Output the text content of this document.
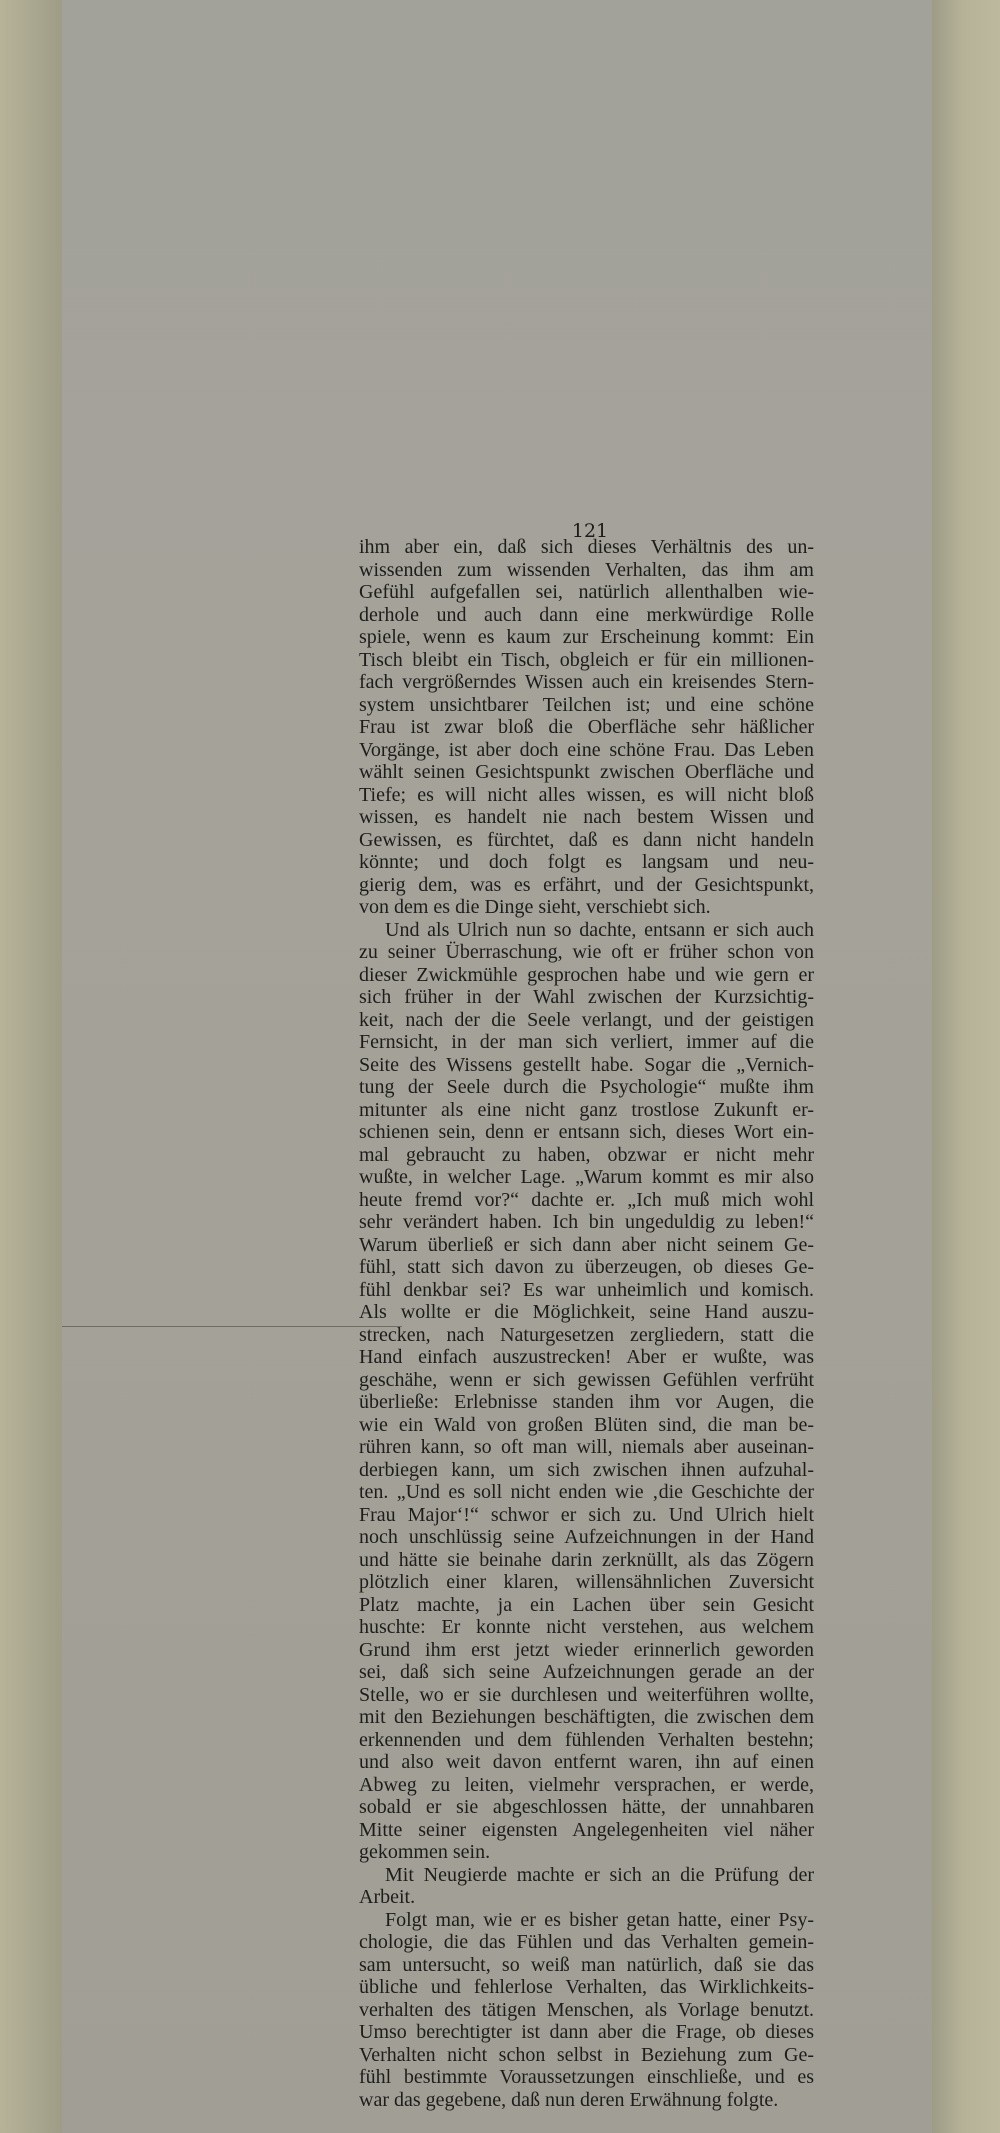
121

ihm aber ein, daß sich dieses Verhältnis des un-
wissenden zum wissenden Verhalten, das ihm am
Gefühl aufgefallen sei, natürlich allenthalben wie-
derhole und auch dann eine merkwürdige Rolle
spiele, wenn es kaum zur Erscheinung kommt: Ein
Tisch bleibt ein Tisch, obgleich er für ein millionen-
fach vergrößerndes Wissen auch ein kreisendes Stern-
system unsichtbarer Teilchen ist; und eine schöne
Frau ist zwar bloß die Oberfläche sehr häßlicher
Vorgänge, ist aber doch eine schöne Frau. Das Leben
wählt seinen Gesichtspunkt zwischen Oberfläche und
Tiefe; es will nicht alles wissen, es will nicht bloß
wissen, es handelt nie nach bestem Wissen und
Gewissen, es fürchtet, daß es dann nicht handeln
könnte; und doch folgt es langsam und neu-
gierig dem, was es erfährt, und der Gesichtspunkt,
von dem es die Dinge sieht, verschiebt sich.

Und als Ulrich nun so dachte, entsann er sich auch
zu seiner Überraschung, wie oft er früher schon von
dieser Zwickmühle gesprochen habe und wie gern er
sich früher in der Wahl zwischen der Kurzsichtig-
keit, nach der die Seele verlangt, und der geistigen
Fernsicht, in der man sich verliert, immer auf die
Seite des Wissens gestellt habe. Sogar die „Vernich-
tung der Seele durch die Psychologie“ mußte ihm
mitunter als eine nicht ganz trostlose Zukunft er-
schienen sein, denn er entsann sich, dieses Wort ein-
mal gebraucht zu haben, obzwar er nicht mehr
wußte, in welcher Lage. „Warum kommt es mir also
heute fremd vor?“ dachte er. „Ich muß mich wohl
sehr verändert haben. Ich bin ungeduldig zu leben!“
Warum überließ er sich dann aber nicht seinem Ge-
fühl, statt sich davon zu überzeugen, ob dieses Ge-
fühl denkbar sei? Es war unheimlich und komisch.
Als wollte er die Möglichkeit, seine Hand auszu-
strecken, nach Naturgesetzen zergliedern, statt die
Hand einfach auszustrecken! Aber er wußte, was
geschähe, wenn er sich gewissen Gefühlen verfrüht
überließe: Erlebnisse standen ihm vor Augen, die
wie ein Wald von großen Blüten sind, die man be-
rühren kann, so oft man will, niemals aber auseinan-
derbiegen kann, um sich zwischen ihnen aufzuhal-
ten. „Und es soll nicht enden wie ‚die Geschichte der
Frau Major‘!“ schwor er sich zu. Und Ulrich hielt
noch unschlüssig seine Aufzeichnungen in der Hand
und hätte sie beinahe darin zerknüllt, als das Zögern
plötzlich einer klaren, willensähnlichen Zuversicht
Platz machte, ja ein Lachen über sein Gesicht
huschte: Er konnte nicht verstehen, aus welchem
Grund ihm erst jetzt wieder erinnerlich geworden
sei, daß sich seine Aufzeichnungen gerade an der
Stelle, wo er sie durchlesen und weiterführen wollte,
mit den Beziehungen beschäftigten, die zwischen dem
erkennenden und dem fühlenden Verhalten bestehn;
und also weit davon entfernt waren, ihn auf einen
Abweg zu leiten, vielmehr versprachen, er werde,
sobald er sie abgeschlossen hätte, der unnahbaren
Mitte seiner eigensten Angelegenheiten viel näher
gekommen sein.

Mit Neugierde machte er sich an die Prüfung der
Arbeit.

Folgt man, wie er es bisher getan hatte, einer Psy-
chologie, die das Fühlen und das Verhalten gemein-
sam untersucht, so weiß man natürlich, daß sie das
übliche und fehlerlose Verhalten, das Wirklichkeits-
verhalten des tätigen Menschen, als Vorlage benutzt.
Umso berechtigter ist dann aber die Frage, ob dieses
Verhalten nicht schon selbst in Beziehung zum Ge-
fühl bestimmte Voraussetzungen einschließe, und es
war das gegebene, daß nun deren Erwähnung folgte.
